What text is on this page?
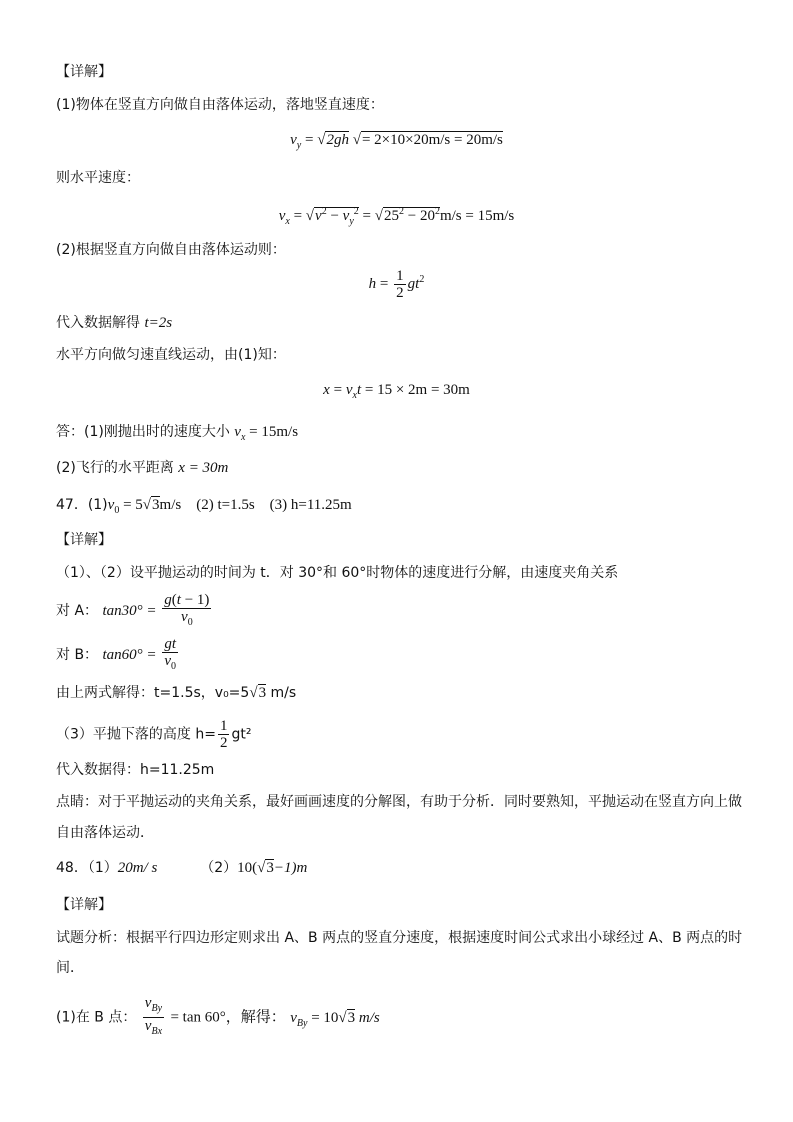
【详解】
(1)物体在竖直方向做自由落体运动，落地竖直速度：
$v_y = √2gh$ √= 2×10×20m/s = 20m/s
则水平速度：
$v_x = √v^2 - v_y^2 = √25^2 - 20^2m/s = 15m/s$
(2)根据竖直方向做自由落体运动则：
$h = \frac{1}{2} gt^2$
代入数据解得 t=2s
水平方向做匀速直线运动，由(1)知：
$x = v_xt = 15 \times 2m = 30m$
答：(1)刚抛出时的速度大小 $v_x = 15m/s$
(2)飞行的水平距离 x = 30m
47．$(1)v_0 = 5√3m/s$　(2) t=1.5s　(3) h=11.25m
【详解】
（1）、（2）设平抛运动的时间为 t．对 30°和 60°时物体的速度进行分解，由速度夹角关系
对 A： $\tan 30^\circ = \frac{g(t - 1)}{v_0}$
对 B： $\tan 60^\circ = \frac{gt}{v_0}$
由上两式解得：t=1.5s，v₀=5√3 m/s
（3）平抛下落的高度 $h= \frac{1}{2} gt^2$
代入数据得：h=11.25m
点睛：对于平抛运动的夹角关系，最好画画速度的分解图，有助于分析．同时要熟知，平抛运动在竖直方向上做
自由落体运动．
48．（1）20m/ s	（2）10(√3−1)m
【详解】
试题分析：根据平行四边形定则求出 A、B 两点的竖直分速度，根据速度时间公式求出小球经过 A、B 两点的时
间．
(1)在 B 点： $\frac{v_{By}}{v_{Bx}} = \tan 60^\circ$，解得： $v_{By} = 10√3$ m/s
